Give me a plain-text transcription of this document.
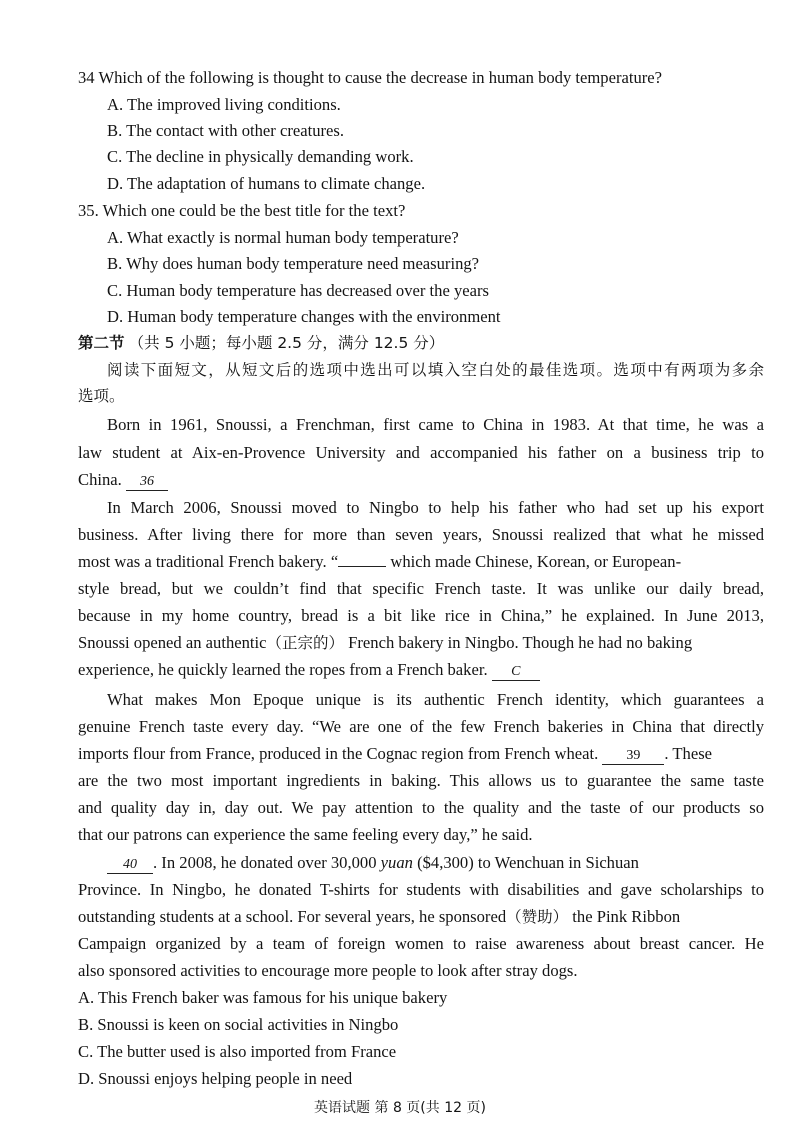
34 Which of the following is thought to cause the decrease in human body temperature?
A. The improved living conditions.
B. The contact with other creatures.
C. The decline in physically demanding work.
D. The adaptation of humans to climate change.
35. Which one could be the best title for the text?
A. What exactly is normal human body temperature?
B. Why does human body temperature need measuring?
C. Human body temperature has decreased over the years
D. Human body temperature changes with the environment
第二节 （共 5 小题；每小题 2.5 分，满分 12.5 分）
阅读下面短文，从短文后的选项中选出可以填入空白处的最佳选项。选项中有两项为多余
选项。
Born in 1961, Snoussi, a Frenchman, first came to China in 1983. At that time, he was a
law student at Aix-en-Provence University and accompanied his father on a business trip to
China. 36
In March 2006, Snoussi moved to Ningbo to help his father who had set up his export
business. After living there for more than seven years, Snoussi realized that what he missed
most was a traditional French bakery. “	which made Chinese, Korean, or European-
style bread, but we couldn’t find that specific French taste. It was unlike our daily bread,
because in my home country, bread is a bit like rice in China,” he explained. In June 2013,
Snoussi opened an authentic（正宗的） French bakery in Ningbo. Though he had no baking
experience, he quickly learned the ropes from a French baker. C
What makes Mon Epoque unique is its authentic French identity, which guarantees a
genuine French taste every day. “We are one of the few French bakeries in China that directly
imports flour from France, produced in the Cognac region from French wheat. 39 . These
are the two most important ingredients in baking. This allows us to guarantee the same taste
and quality day in, day out. We pay attention to the quality and the taste of our products so
that our patrons can experience the same feeling every day,” he said.
40 . In 2008, he donated over 30,000 yuan ($4,300) to Wenchuan in Sichuan
Province. In Ningbo, he donated T-shirts for students with disabilities and gave scholarships to
outstanding students at a school. For several years, he sponsored（赞助） the Pink Ribbon
Campaign organized by a team of foreign women to raise awareness about breast cancer. He
also sponsored activities to encourage more people to look after stray dogs.
A. This French baker was famous for his unique bakery
B. Snoussi is keen on social activities in Ningbo
C. The butter used is also imported from France
D. Snoussi enjoys helping people in need
英语试题 第 8 页(共 12 页)
